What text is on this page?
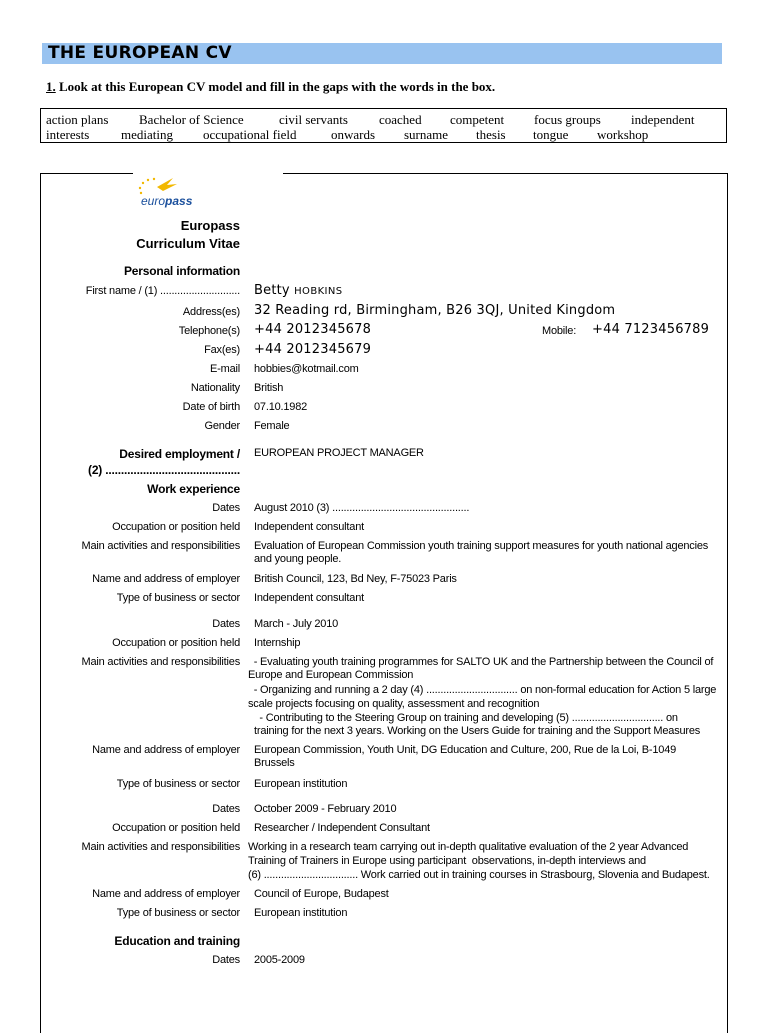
THE EUROPEAN CV
1. Look at this European CV model and fill in the gaps with the words in the box.
action plans Bachelor of Science	civil servants coached competent focus groups independent
interests mediating occupational field	onwards surname thesis tongue workshop
europass
Europass
Curriculum Vitae
Personal information
First name / (1) ............................ Betty HOBKINS
Address(es) 32 Reading rd, Birmingham, B26 3QJ, United Kingdom
Telephone(s) +44 2012345678	Mobile: +44 7123456789
Fax(es) +44 2012345679
E-mail hobbies@kotmail.com
Nationality British
Date of birth 07.10.1982
Gender Female
Desired employment /
(2) ...........................................
EUROPEAN PROJECT MANAGER
Work experience
Dates August 2010 (3) ................................................
Occupation or position held Independent consultant
Main activities and responsibilities Evaluation of European Commission youth training support measures for youth national agencies and young people.
Name and address of employer British Council, 123, Bd Ney, F-75023 Paris
Type of business or sector Independent consultant
Dates March - July 2010
Occupation or position held Internship
Main activities and responsibilities - Evaluating youth training programmes for SALTO UK and the Partnership between the Council of
Europe and European Commission
- Organizing and running a 2 day (4) ................................ on non-formal education for Action 5 large
scale projects focusing on quality, assessment and recognition
- Contributing to the Steering Group on training and developing (5) ................................ on
training for the next 3 years. Working on the Users Guide for training and the Support Measures
Name and address of employer European Commission, Youth Unit, DG Education and Culture, 200, Rue de la Loi, B-1049 Brussels
Type of business or sector European institution
Dates October 2009 - February 2010
Occupation or position held Researcher / Independent Consultant
Main activities and responsibilities Working in a research team carrying out in-depth qualitative evaluation of the 2 year Advanced
Training of Trainers in Europe using participant  observations, in-depth interviews and
(6) ................................. Work carried out in training courses in Strasbourg, Slovenia and Budapest.
Name and address of employer Council of Europe, Budapest
Type of business or sector European institution
Education and training
Dates 2005-2009
